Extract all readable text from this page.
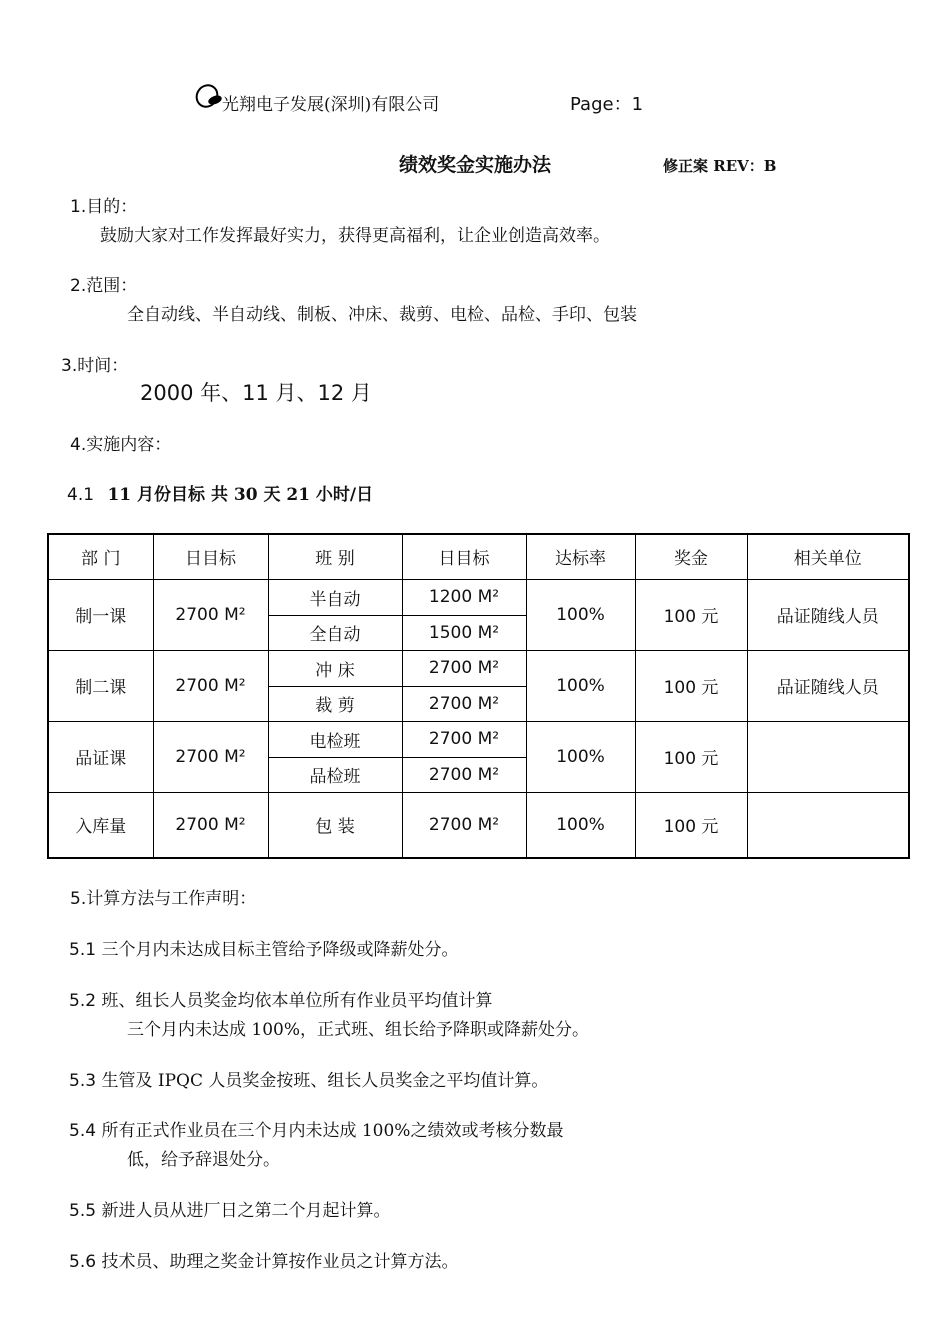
光翔电子发展(深圳)有限公司	Page：1
绩效奖金实施办法	修正案 REV：B
1.目的：
鼓励大家对工作发挥最好实力，获得更高福利，让企业创造高效率。
2.范围：
全自动线、半自动线、制板、冲床、裁剪、电检、品检、手印、包装
3.时间：
2000 年、11 月、12 月
4.实施内容：
4.1 11 月份目标 共 30 天 21 小时/日
部 门	日目标	班 别	日目标	达标率	奖金	相关单位
制一课	2700 M²	半自动	1200 M²	100%	100 元	品证随线人员
		全自动	1500 M²			
制二课	2700 M²	冲 床	2700 M²	100%	100 元	品证随线人员
		裁 剪	2700 M²			
品证课	2700 M²	电检班	2700 M²	100%	100 元	
		品检班	2700 M²			
入库量	2700 M²	包 装	2700 M²	100%	100 元	
5.计算方法与工作声明：
5.1 三个月内未达成目标主管给予降级或降薪处分。
5.2 班、组长人员奖金均依本单位所有作业员平均值计算
三个月内未达成 100%，正式班、组长给予降职或降薪处分。
5.3 生管及 IPQC 人员奖金按班、组长人员奖金之平均值计算。
5.4 所有正式作业员在三个月内未达成 100%之绩效或考核分数最
低，给予辞退处分。
5.5 新进人员从进厂日之第二个月起计算。
5.6 技术员、助理之奖金计算按作业员之计算方法。
